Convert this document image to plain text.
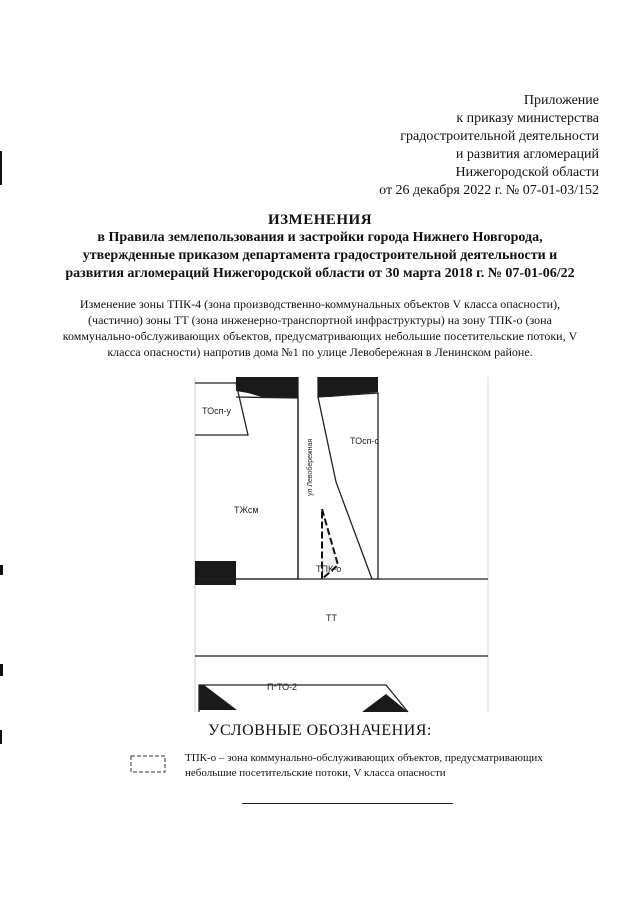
Приложение
к приказу министерства
градостроительной деятельности
и развития агломераций
Нижегородской области
от 26 декабря 2022 г. № 07-01-03/152
ИЗМЕНЕНИЯ
в Правила землепользования и застройки города Нижнего Новгорода,
утвержденные приказом департамента градостроительной деятельности и
развития агломераций Нижегородской области от 30 марта 2018 г. № 07-01-06/22
Изменение зоны ТПК-4 (зона производственно-коммунальных объектов V класса опасности),
(частично) зоны ТТ (зона инженерно-транспортной инфраструктуры) на зону ТПК-о (зона
коммунально-обслуживающих объектов, предусматривающих небольшие посетительские потоки, V
класса опасности) напротив дома №1 по улице Левобережная в Ленинском районе.
ТОсп-у
ТЖсм
ул Левобережная	ТОсп-с
ТТ
П*ТО-2
ТПК-о
УСЛОВНЫЕ ОБОЗНАЧЕНИЯ:
ТПК-о – зона коммунально-обслуживающих объектов, предусматривающих
небольшие посетительские потоки, V класса опасности
